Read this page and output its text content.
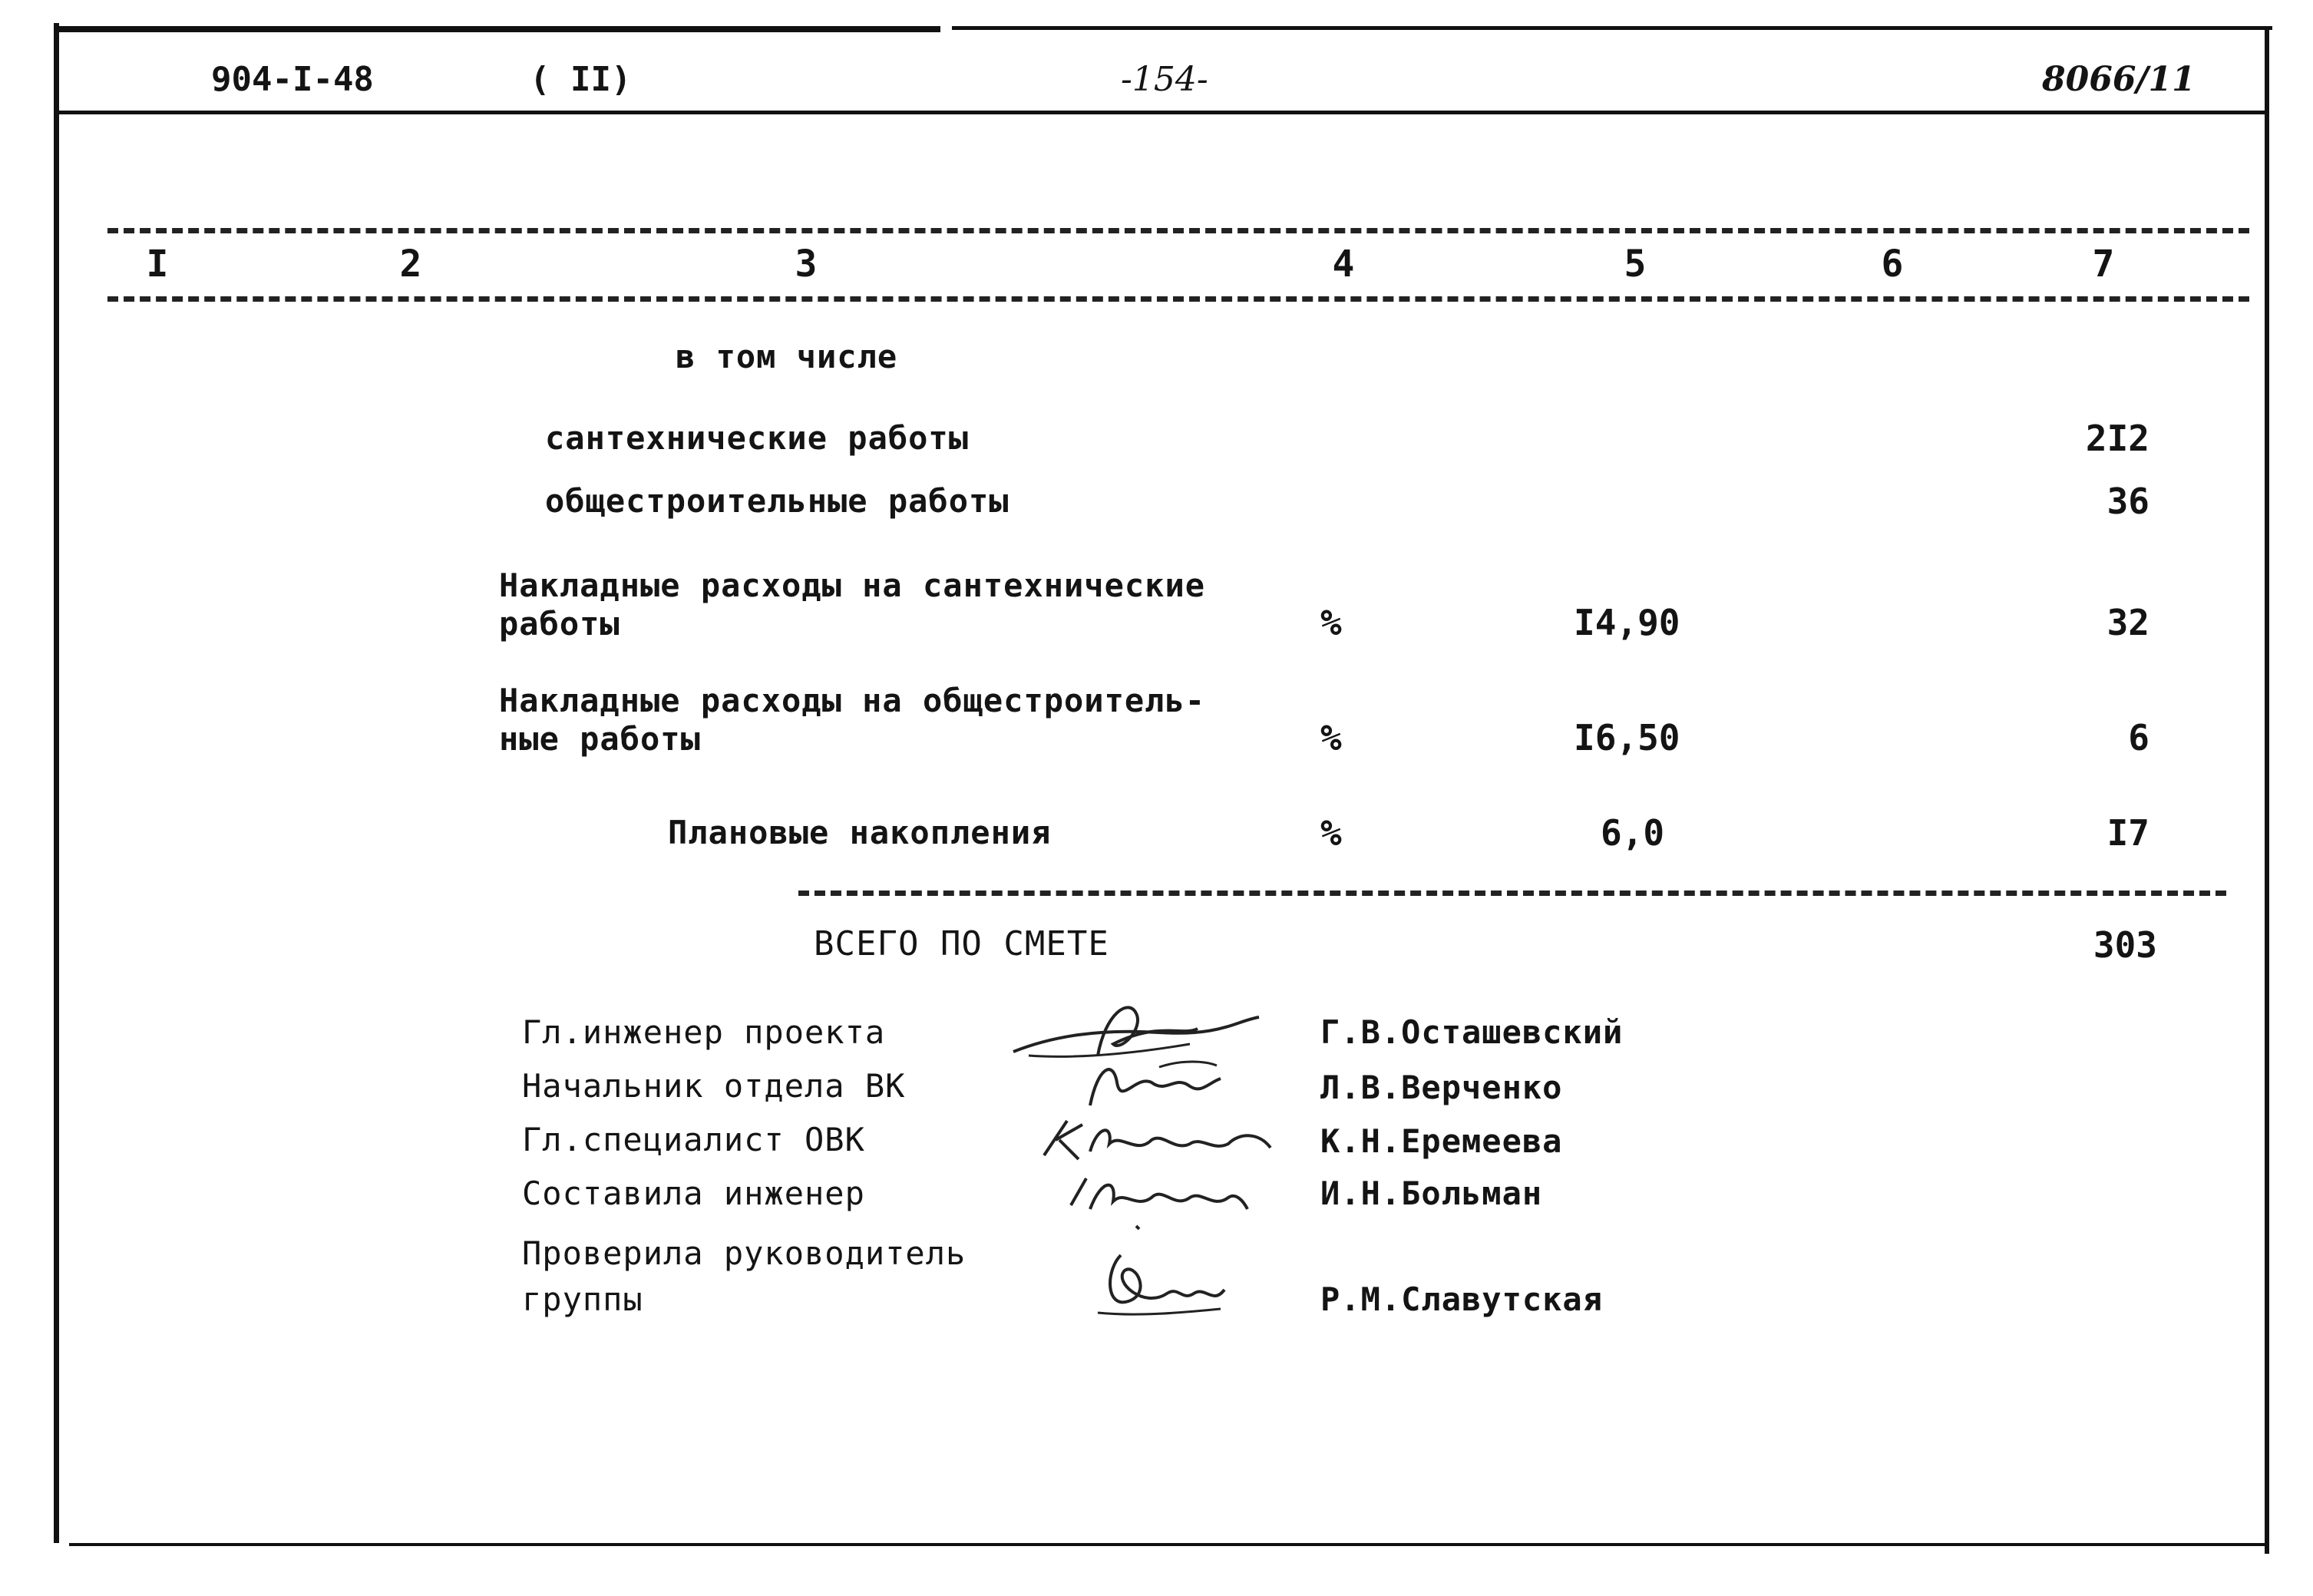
904-I-48	( II)	-154-	8066/11
I	2	3	4	5	6	7
в том числе
сантехнические работы	2I2
общестроительные работы	36
Накладные расходы на сантехнические
работы	%	I4,90	32
Накладные расходы на общестроитель-
ные работы	%	I6,50	6
Плановые накопления	%	6,0	I7
ВСЕГО ПО СМЕТЕ	303
Гл.инженер проекта	Г.В.Осташевский
Начальник отдела ВК	Л.В.Верченко
Гл.специалист ОВК	К.Н.Еремеева
Составила инженер	И.Н.Больман
Проверила руководитель
группы	Р.М.Славутская
